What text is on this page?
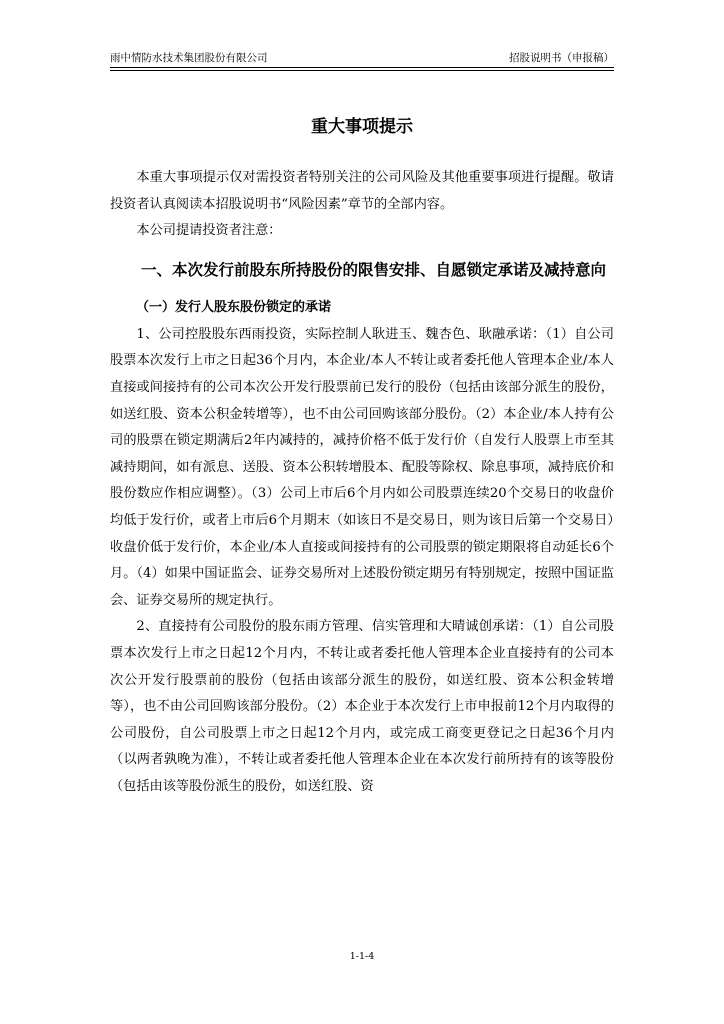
雨中情防水技术集团股份有限公司	招股说明书（申报稿）
重大事项提示

本重大事项提示仅对需投资者特别关注的公司风险及其他重要事项进行提醒。敬请投资者认真阅读本招股说明书“风险因素”章节的全部内容。

本公司提请投资者注意：

一、本次发行前股东所持股份的限售安排、自愿锁定承诺及减持意向
（一）发行人股东股份锁定的承诺

1、公司控股股东西雨投资，实际控制人耿进玉、魏杏色、耿融承诺：（1）自公司股票本次发行上市之日起36个月内，本企业/本人不转让或者委托他人管理本企业/本人直接或间接持有的公司本次公开发行股票前已发行的股份（包括由该部分派生的股份，如送红股、资本公积金转增等），也不由公司回购该部分股份。（2）本企业/本人持有公司的股票在锁定期满后2年内减持的，减持价格不低于发行价（自发行人股票上市至其减持期间，如有派息、送股、资本公积转增股本、配股等除权、除息事项，减持底价和股份数应作相应调整）。（3）公司上市后6个月内如公司股票连续20个交易日的收盘价均低于发行价，或者上市后6个月期末（如该日不是交易日，则为该日后第一个交易日）收盘价低于发行价，本企业/本人直接或间接持有的公司股票的锁定期限将自动延长6个月。（4）如果中国证监会、证券交易所对上述股份锁定期另有特别规定，按照中国证监会、证券交易所的规定执行。

2、直接持有公司股份的股东雨方管理、信实管理和大晴诚创承诺：（1）自公司股票本次发行上市之日起12个月内，不转让或者委托他人管理本企业直接持有的公司本次公开发行股票前的股份（包括由该部分派生的股份，如送红股、资本公积金转增等），也不由公司回购该部分股份。（2）本企业于本次发行上市申报前12个月内取得的公司股份，自公司股票上市之日起12个月内，或完成工商变更登记之日起36个月内（以两者孰晚为准），不转让或者委托他人管理本企业在本次发行前所持有的该等股份（包括由该等股份派生的股份，如送红股、资

1-1-4
